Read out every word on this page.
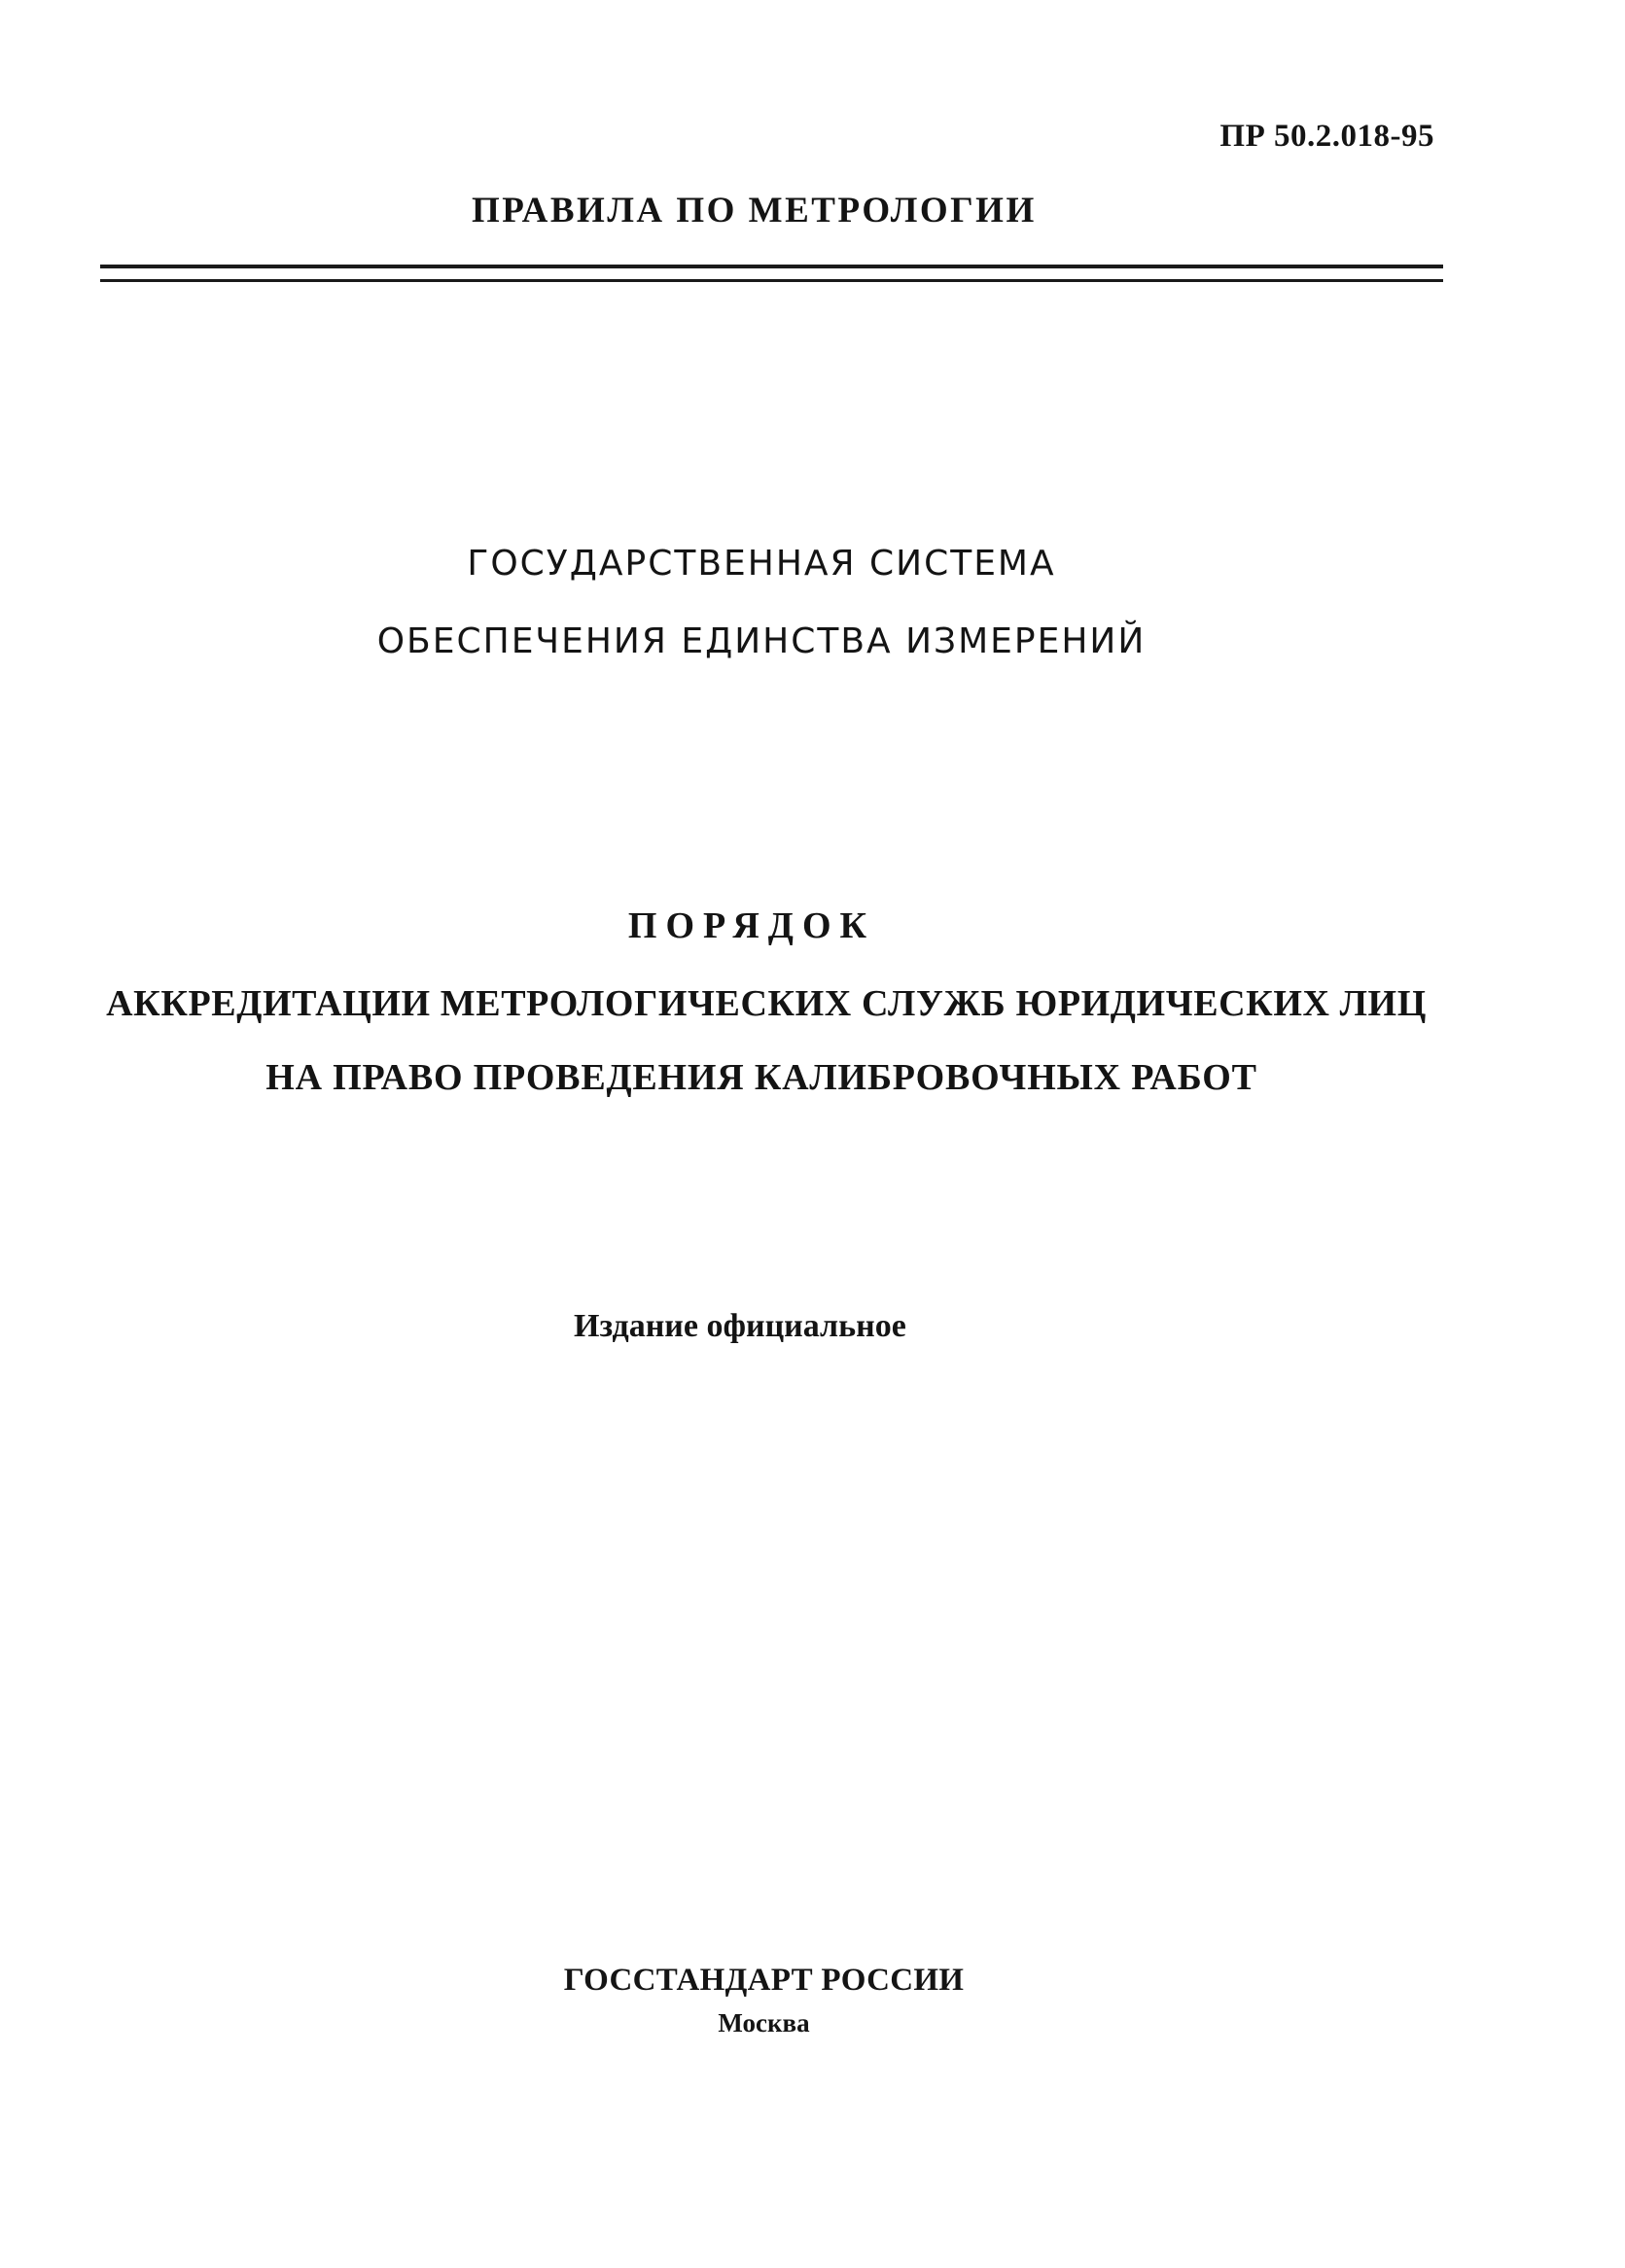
ПР 50.2.018-95
ПРАВИЛА ПО МЕТРОЛОГИИ
ГОСУДАРСТВЕННАЯ СИСТЕМА
ОБЕСПЕЧЕНИЯ ЕДИНСТВА ИЗМЕРЕНИЙ
ПОРЯДОК
АККРЕДИТАЦИИ МЕТРОЛОГИЧЕСКИХ СЛУЖБ ЮРИДИЧЕСКИХ ЛИЦ
НА ПРАВО ПРОВЕДЕНИЯ КАЛИБРОВОЧНЫХ РАБОТ
Издание официальное
ГОССТАНДАРТ РОССИИ
Москва
